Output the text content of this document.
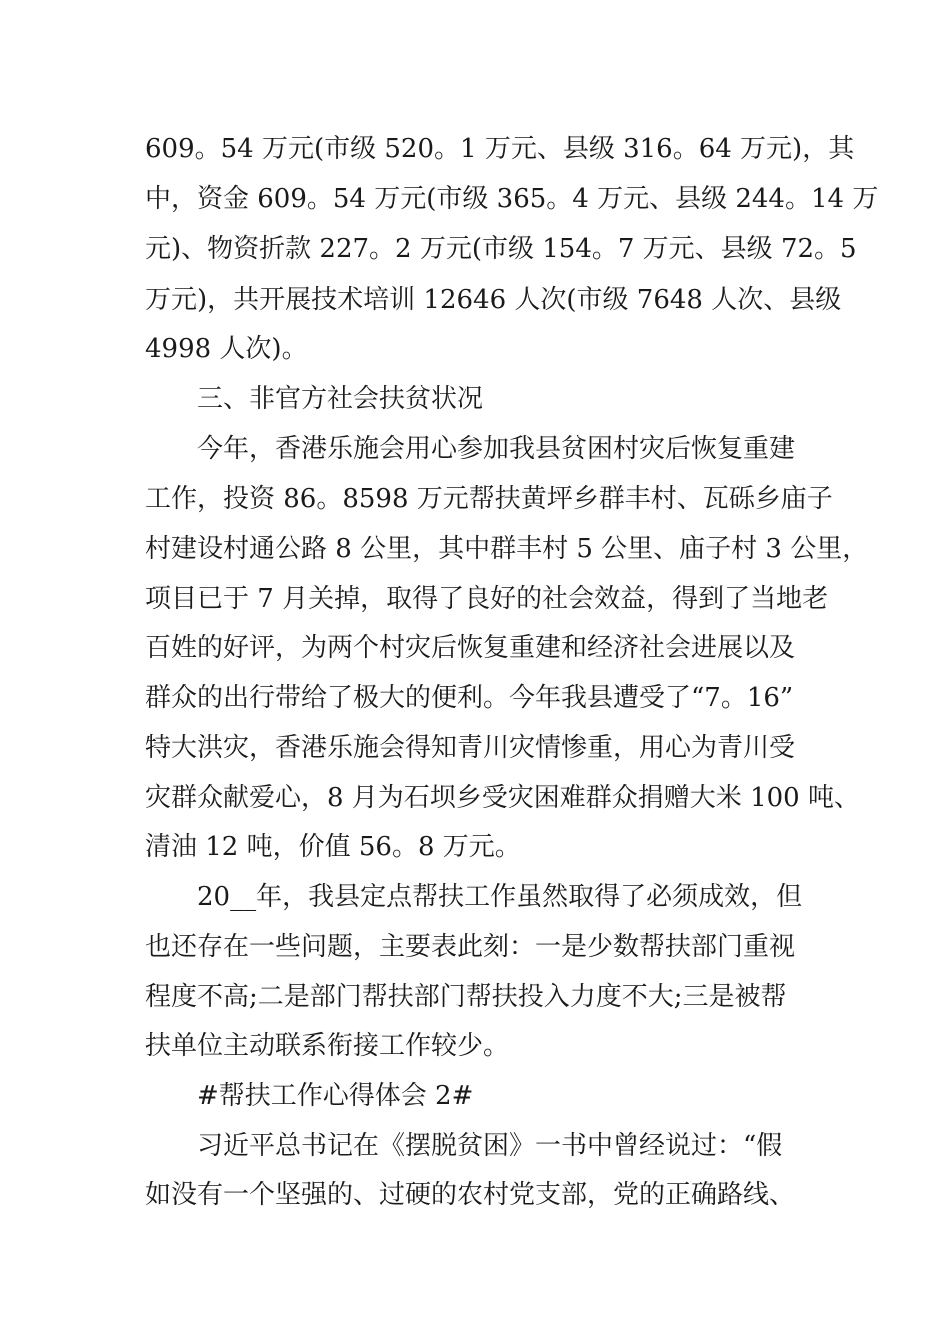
609。54 万元(市级 520。1 万元、县级 316。64 万元)，其
中，资金 609。54 万元(市级 365。4 万元、县级 244。14 万
元)、物资折款 227。2 万元(市级 154。7 万元、县级 72。5
万元)，共开展技术培训 12646 人次(市级 7648 人次、县级
4998 人次)。
三、非官方社会扶贫状况
今年，香港乐施会用心参加我县贫困村灾后恢复重建
工作，投资 86。8598 万元帮扶黄坪乡群丰村、瓦砾乡庙子
村建设村通公路 8 公里，其中群丰村 5 公里、庙子村 3 公里，
项目已于 7 月关掉，取得了良好的社会效益，得到了当地老
百姓的好评，为两个村灾后恢复重建和经济社会进展以及
群众的出行带给了极大的便利。今年我县遭受了“7。16”
特大洪灾，香港乐施会得知青川灾情惨重，用心为青川受
灾群众献爱心，8 月为石坝乡受灾困难群众捐赠大米 100 吨、
清油 12 吨，价值 56。8 万元。
20__年，我县定点帮扶工作虽然取得了必须成效，但
也还存在一些问题，主要表此刻：一是少数帮扶部门重视
程度不高;二是部门帮扶部门帮扶投入力度不大;三是被帮
扶单位主动联系衔接工作较少。
#帮扶工作心得体会 2#
习近平总书记在《摆脱贫困》一书中曾经说过：“假
如没有一个坚强的、过硬的农村党支部，党的正确路线、
